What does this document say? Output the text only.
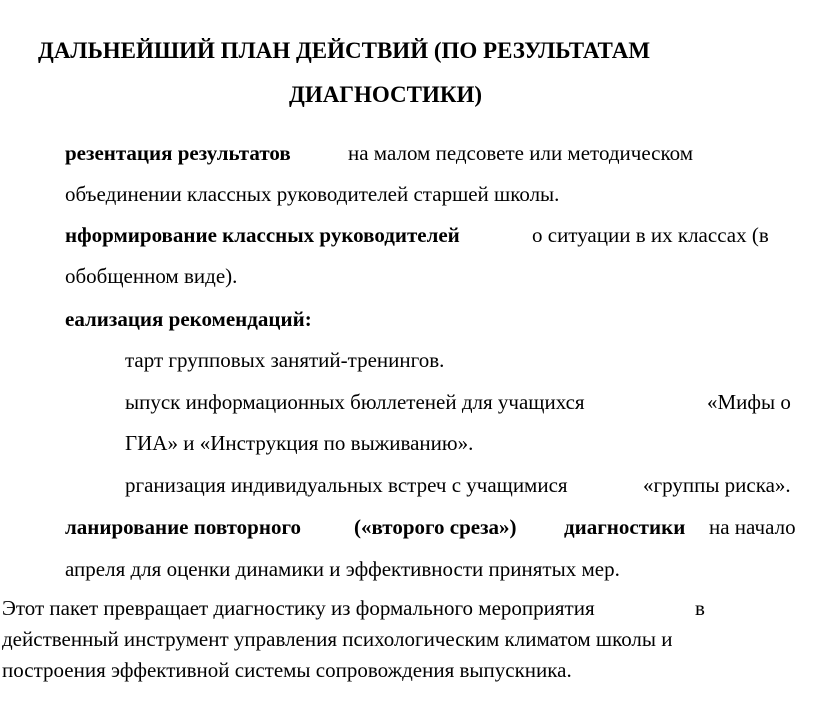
ДАЛЬНЕЙШИЙ ПЛАН ДЕЙСТВИЙ (ПО РЕЗУЛЬТАТАМ
ДИАГНОСТИКИ)
резентация результатов	на малом педсовете или методическом
объединении классных руководителей старшей школы.
нформирование классных руководителей	о ситуации в их классах (в
обобщенном виде).
еализация рекомендаций:
тарт групповых занятий-тренингов.
ыпуск информационных бюллетеней для учащихся	«Мифы о
ГИА» и «Инструкция по выживанию».
рганизация индивидуальных встреч с учащимися	«группы риска».
ланирование повторного	(«второго среза») диагностики на начало
апреля для оценки динамики и эффективности принятых мер.
Этот пакет превращает диагностику из формального мероприятия	в
действенный инструмент управления психологическим климатом школы и
построения эффективной системы сопровождения выпускника.
